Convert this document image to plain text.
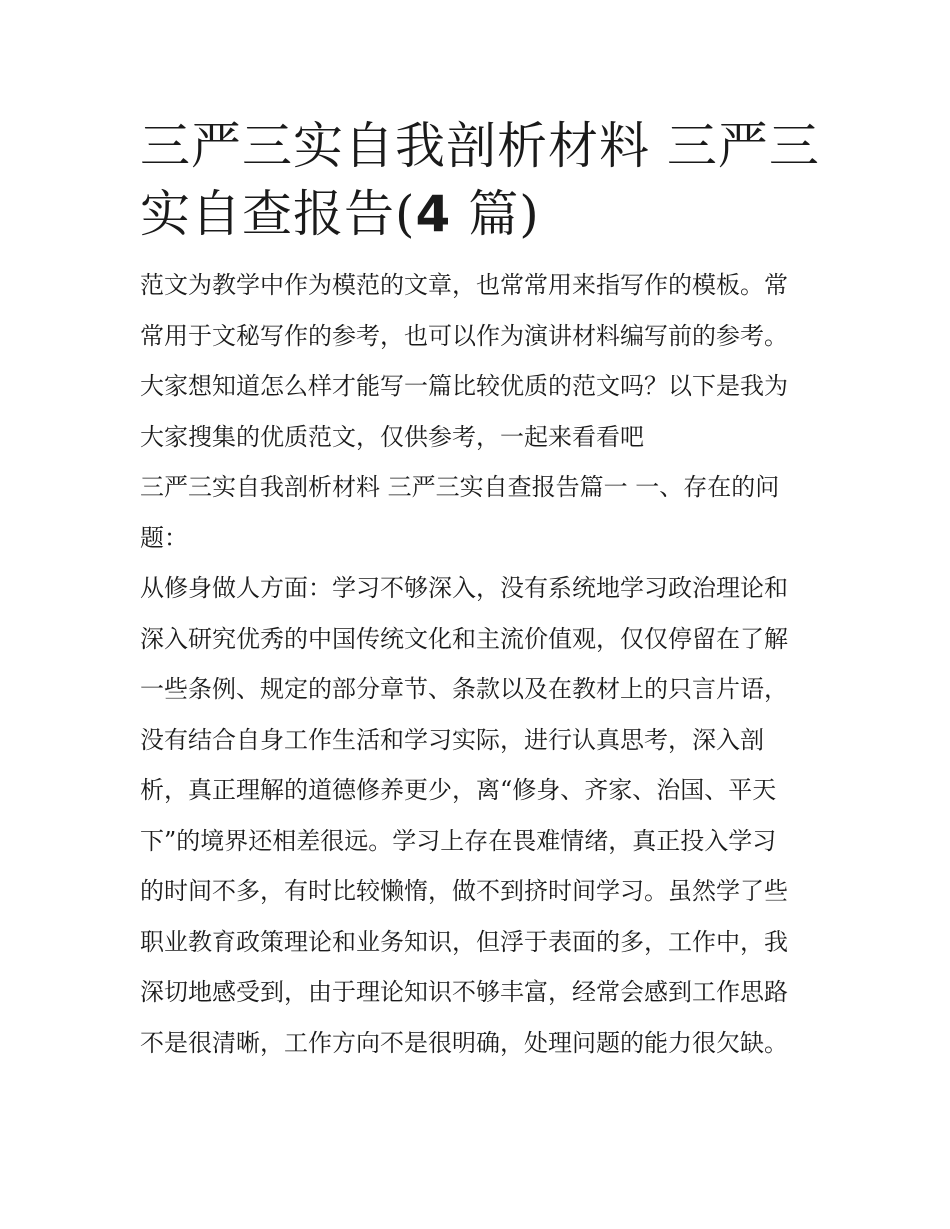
三严三实自我剖析材料 三严三
实自查报告(4 篇)

范文为教学中作为模范的文章，也常常用来指写作的模板。常
常用于文秘写作的参考，也可以作为演讲材料编写前的参考。
大家想知道怎么样才能写一篇比较优质的范文吗？以下是我为
大家搜集的优质范文，仅供参考，一起来看看吧

三严三实自我剖析材料 三严三实自查报告篇一 一、存在的问
题：

从修身做人方面：学习不够深入，没有系统地学习政治理论和
深入研究优秀的中国传统文化和主流价值观，仅仅停留在了解
一些条例、规定的部分章节、条款以及在教材上的只言片语，
没有结合自身工作生活和学习实际，进行认真思考，深入剖
析，真正理解的道德修养更少，离“修身、齐家、治国、平天
下”的境界还相差很远。学习上存在畏难情绪，真正投入学习
的时间不多，有时比较懒惰，做不到挤时间学习。虽然学了些
职业教育政策理论和业务知识，但浮于表面的多，工作中，我
深切地感受到，由于理论知识不够丰富，经常会感到工作思路
不是很清晰，工作方向不是很明确，处理问题的能力很欠缺。
